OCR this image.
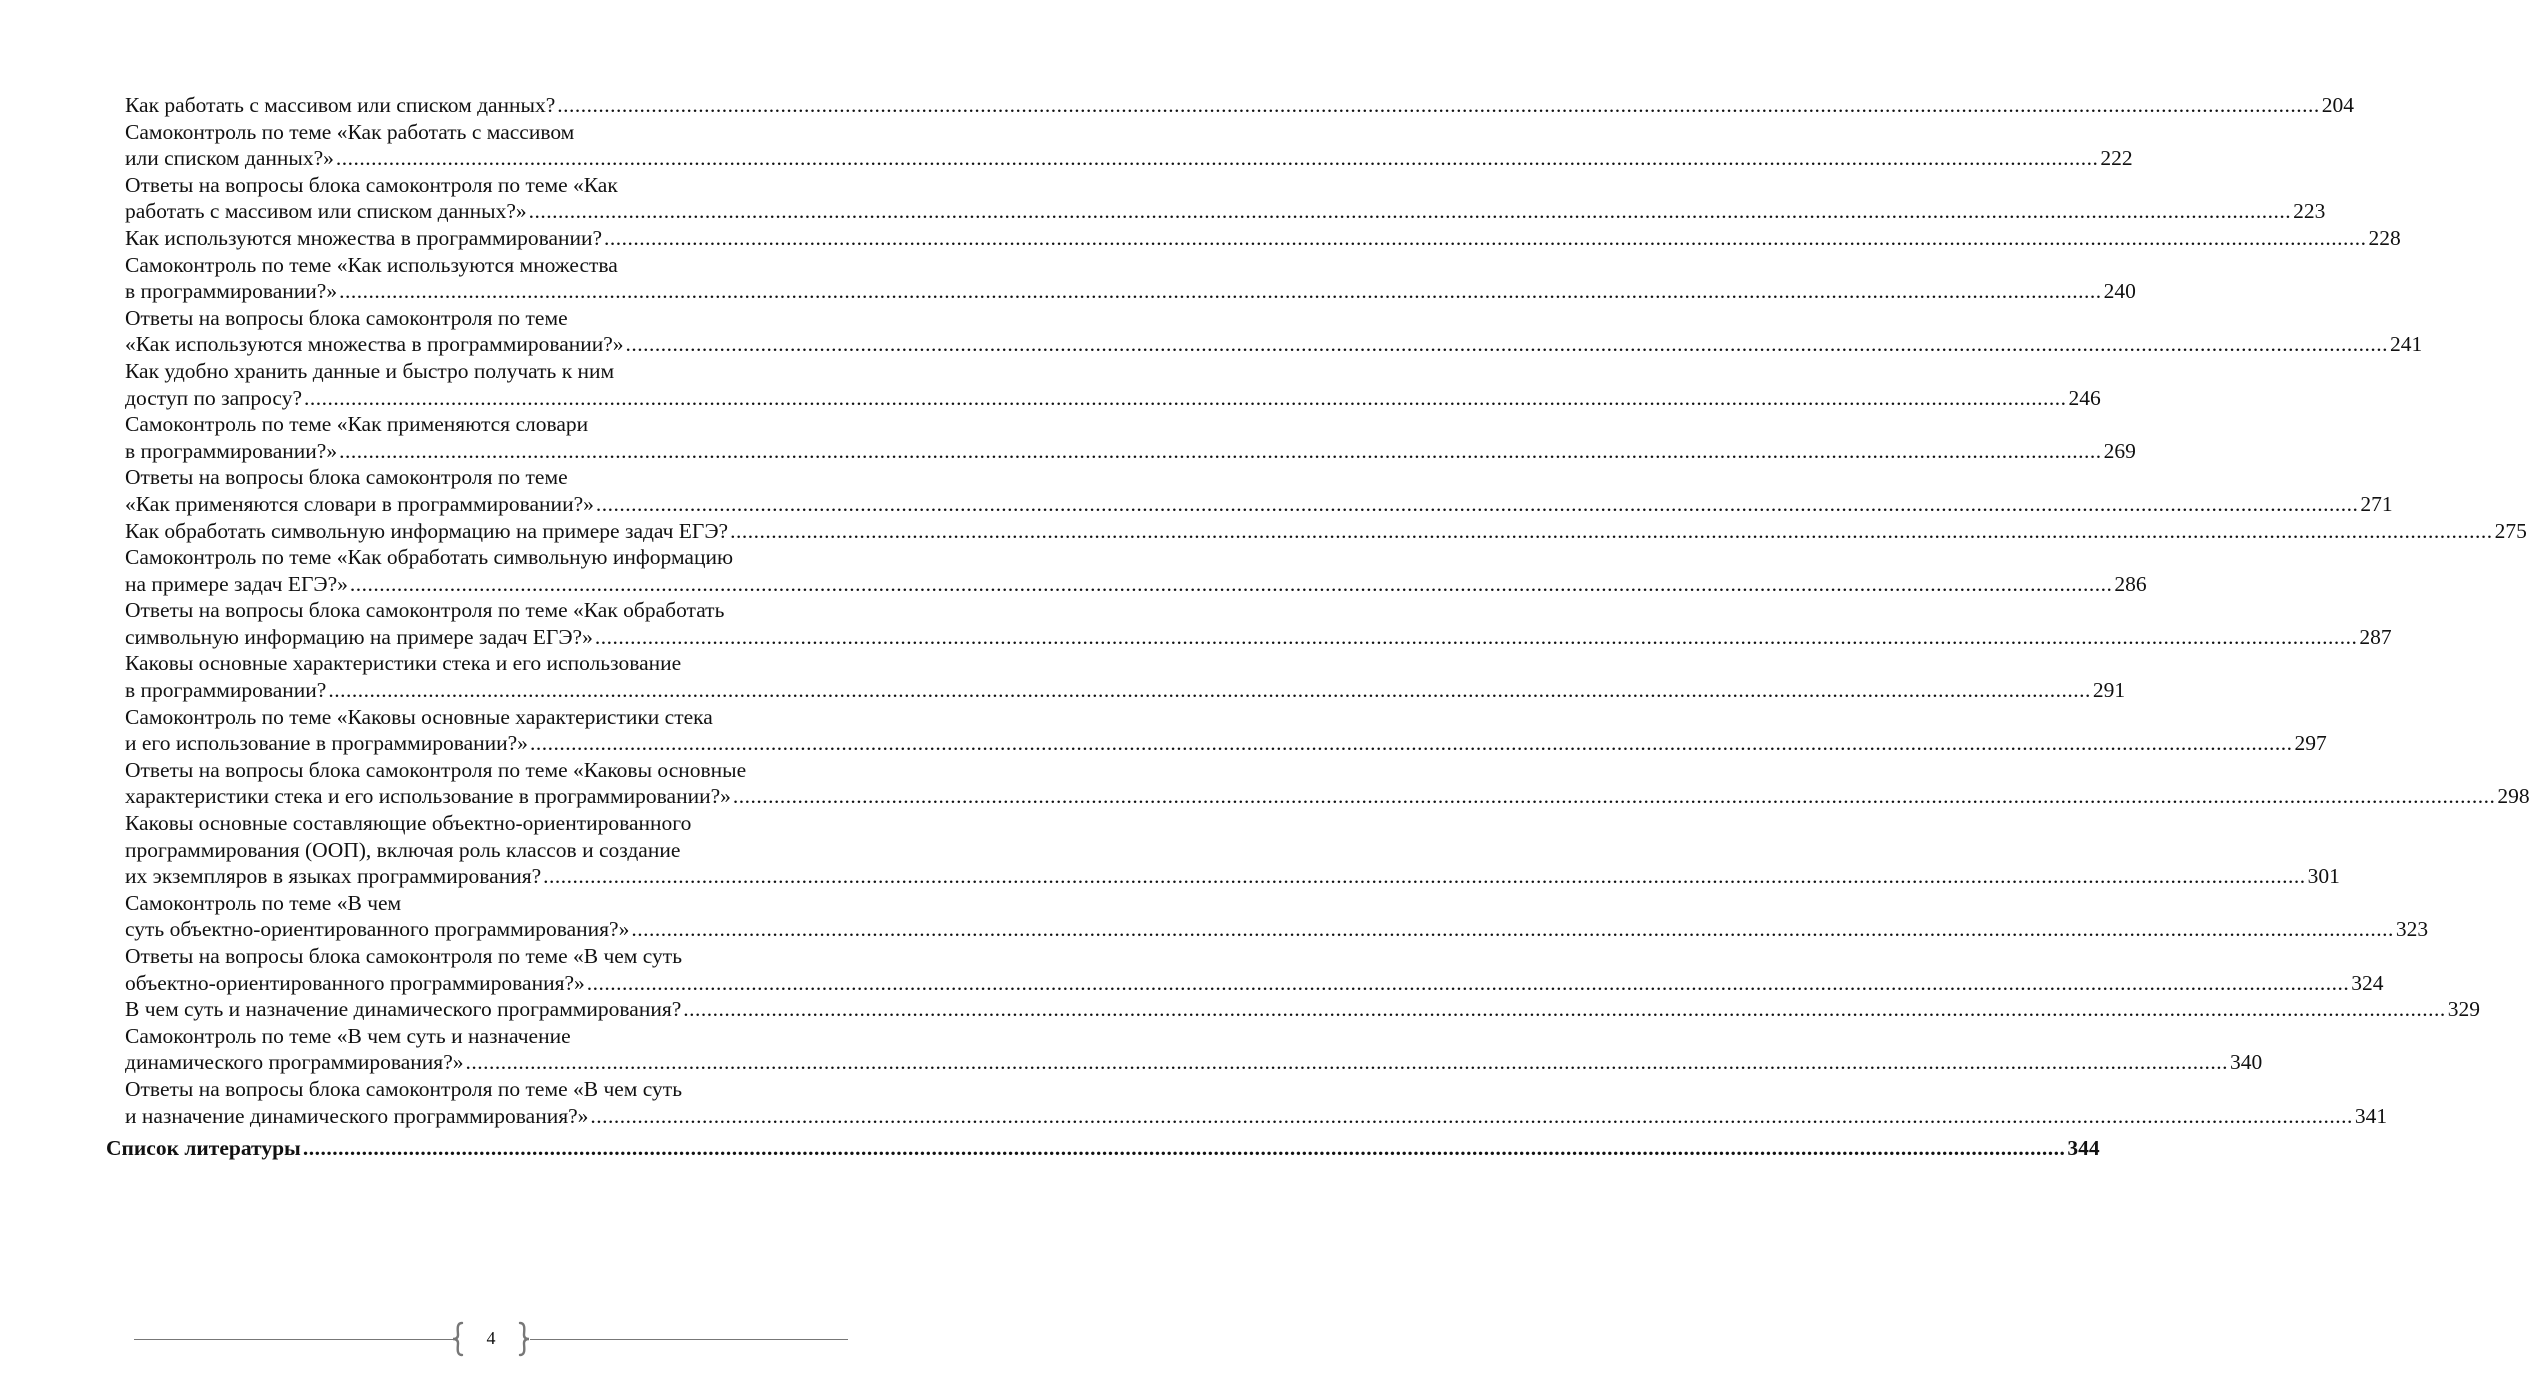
Как работать с массивом или списком данных? ............................................................................................................................................................................................................................................................................................................ 204
Самоконтроль по теме «Как работать с массивом
или списком данных?» ............................................................................................................................................................................................................................................................................................................ 222
Ответы на вопросы блока самоконтроля по теме «Как
работать с массивом или списком данных?» ............................................................................................................................................................................................................................................................................................................ 223
Как используются множества в программировании? ............................................................................................................................................................................................................................................................................................................ 228
Самоконтроль по теме «Как используются множества
в программировании?» ............................................................................................................................................................................................................................................................................................................ 240
Ответы на вопросы блока самоконтроля по теме
«Как используются множества в программировании?» ............................................................................................................................................................................................................................................................................................................ 241
Как удобно хранить данные и быстро получать к ним
доступ по запросу? ............................................................................................................................................................................................................................................................................................................ 246
Самоконтроль по теме «Как применяются словари
в программировании?» ............................................................................................................................................................................................................................................................................................................ 269
Ответы на вопросы блока самоконтроля по теме
«Как применяются словари в программировании?» ............................................................................................................................................................................................................................................................................................................ 271
Как обработать символьную информацию на примере задач ЕГЭ? ............................................................................................................................................................................................................................................................................................................ 275
Самоконтроль по теме «Как обработать символьную информацию
на примере задач ЕГЭ?» ............................................................................................................................................................................................................................................................................................................ 286
Ответы на вопросы блока самоконтроля по теме «Как обработать
символьную информацию на примере задач ЕГЭ?» ............................................................................................................................................................................................................................................................................................................ 287
Каковы основные характеристики стека и его использование
в программировании? ............................................................................................................................................................................................................................................................................................................ 291
Самоконтроль по теме «Каковы основные характеристики стека
и его использование в программировании?» ............................................................................................................................................................................................................................................................................................................ 297
Ответы на вопросы блока самоконтроля по теме «Каковы основные
характеристики стека и его использование в программировании?» ............................................................................................................................................................................................................................................................................................................ 298
Каковы основные составляющие объектно-ориентированного
программирования (ООП), включая роль классов и создание
их экземпляров в языках программирования? ............................................................................................................................................................................................................................................................................................................ 301
Самоконтроль по теме «В чем
суть объектно-ориентированного программирования?» ............................................................................................................................................................................................................................................................................................................ 323
Ответы на вопросы блока самоконтроля по теме «В чем суть
объектно-ориентированного программирования?» ............................................................................................................................................................................................................................................................................................................ 324
В чем суть и назначение динамического программирования? ............................................................................................................................................................................................................................................................................................................ 329
Самоконтроль по теме «В чем суть и назначение
динамического программирования?» ............................................................................................................................................................................................................................................................................................................ 340
Ответы на вопросы блока самоконтроля по теме «В чем суть
и назначение динамического программирования?» ............................................................................................................................................................................................................................................................................................................ 341
Список литературы ............................................................................................................................................................................................................................................................................................................ 344
4
